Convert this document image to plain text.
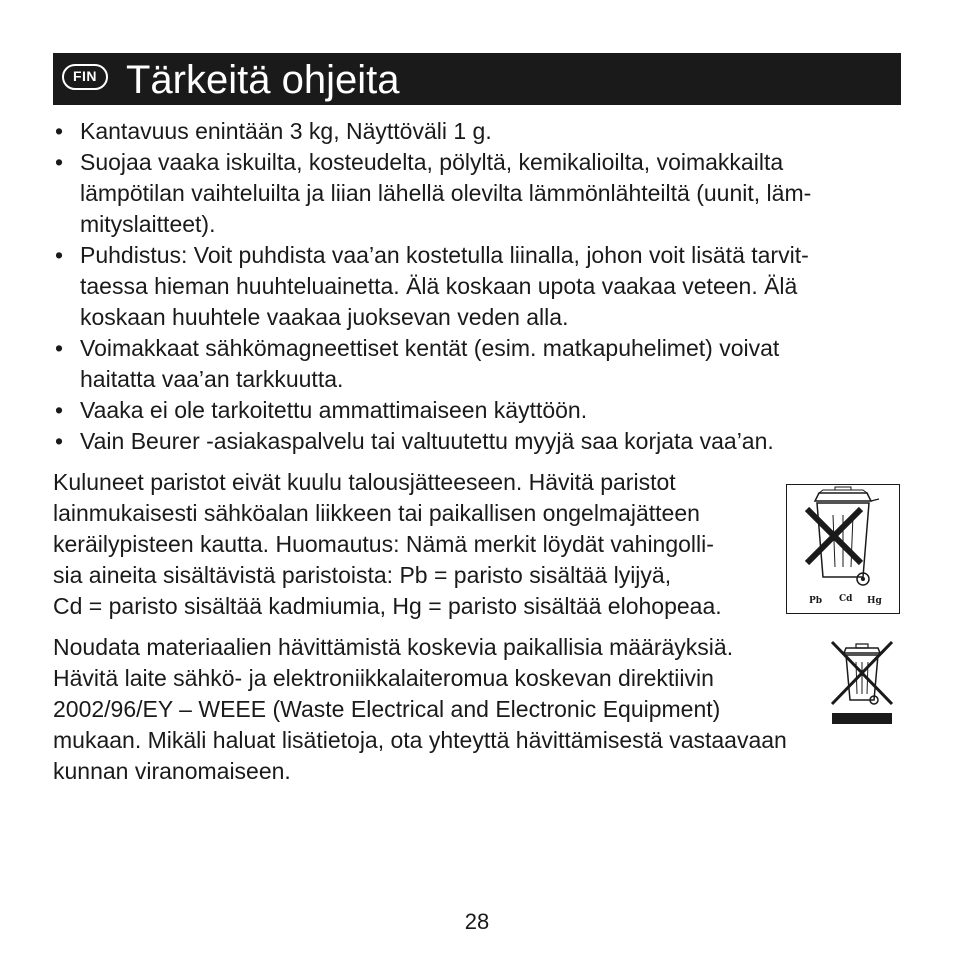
FIN Tärkeitä ohjeita
• Kantavuus enintään 3 kg, Näyttöväli 1 g.
• Suojaa vaaka iskuilta, kosteudelta, pölyltä, kemikalioilta, voimakkailta
lämpötilan vaihteluilta ja liian lähellä olevilta lämmönlähteiltä (uunit, läm-
mityslaitteet).
• Puhdistus: Voit puhdista vaa’an kostetulla liinalla, johon voit lisätä tarvit-
taessa hieman huuhteluainetta. Älä koskaan upota vaakaa veteen. Älä
koskaan huuhtele vaakaa juoksevan veden alla.
• Voimakkaat sähkömagneettiset kentät (esim. matkapuhelimet) voivat
haitatta vaa’an tarkkuutta.
• Vaaka ei ole tarkoitettu ammattimaiseen käyttöön.
• Vain Beurer -asiakaspalvelu tai valtuutettu myyjä saa korjata vaa’an.

Kuluneet paristot eivät kuulu talousjätteeseen. Hävitä paristot
lainmukaisesti sähköalan liikkeen tai paikallisen ongelmajätteen
keräilypisteen kautta. Huomautus: Nämä merkit löydät vahingolli-
sia aineita sisältävistä paristoista: Pb = paristo sisältää lyijyä,
Cd = paristo sisältää kadmiumia, Hg = paristo sisältää elohopeaa.	Pb Cd Hg

Noudata materiaalien hävittämistä koskevia paikallisia määräyksiä.
Hävitä laite sähkö- ja elektroniikkalaiteromua koskevan direktiivin
2002/96/EY – WEEE (Waste Electrical and Electronic Equipment)
mukaan. Mikäli haluat lisätietoja, ota yhteyttä hävittämisestä vastaavaan
kunnan viranomaiseen.

28
